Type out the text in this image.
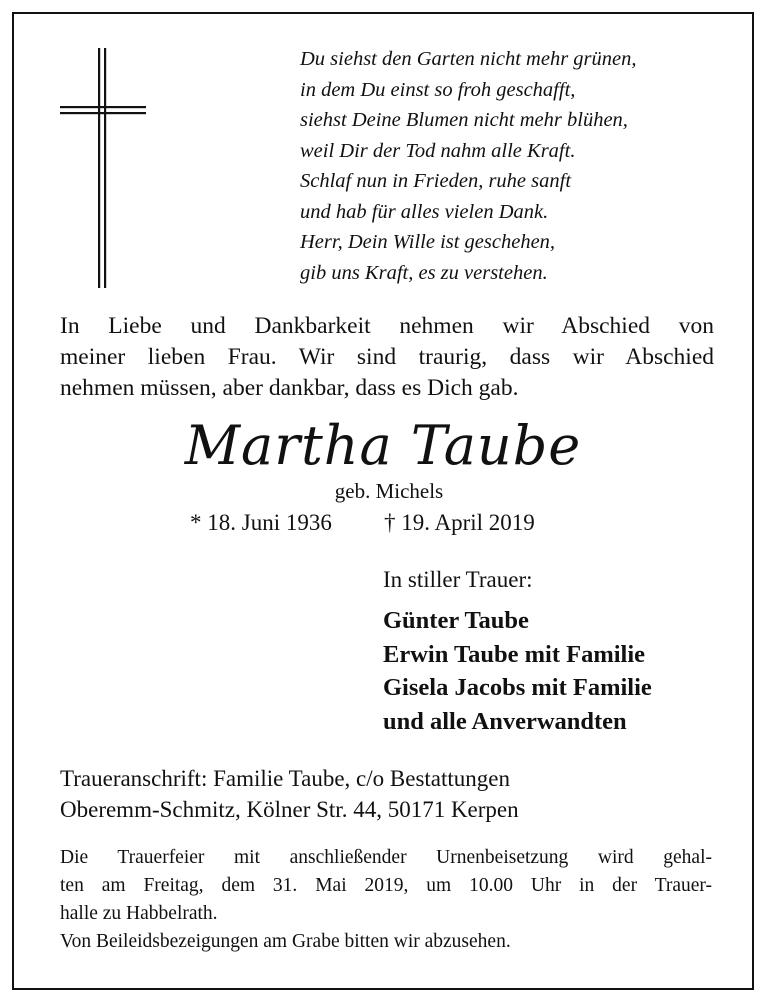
Du siehst den Garten nicht mehr grünen,
in dem Du einst so froh geschafft,
siehst Deine Blumen nicht mehr blühen,
weil Dir der Tod nahm alle Kraft.
Schlaf nun in Frieden, ruhe sanft
und hab für alles vielen Dank.
Herr, Dein Wille ist geschehen,
gib uns Kraft, es zu verstehen.
In Liebe und Dankbarkeit nehmen wir Abschied von
meiner lieben Frau. Wir sind traurig, dass wir Abschied
nehmen müssen, aber dankbar, dass es Dich gab.
Martha Taube
geb. Michels
* 18. Juni 1936 † 19. April 2019
In stiller Trauer:
Günter Taube
Erwin Taube mit Familie
Gisela Jacobs mit Familie
und alle Anverwandten
Traueranschrift: Familie Taube, c/o Bestattungen
Oberemm-Schmitz, Kölner Str. 44, 50171 Kerpen
Die Trauerfeier mit anschließender Urnenbeisetzung wird gehal-
ten am Freitag, dem 31. Mai 2019, um 10.00 Uhr in der Trauer-
halle zu Habbelrath.
Von Beileidsbezeigungen am Grabe bitten wir abzusehen.
